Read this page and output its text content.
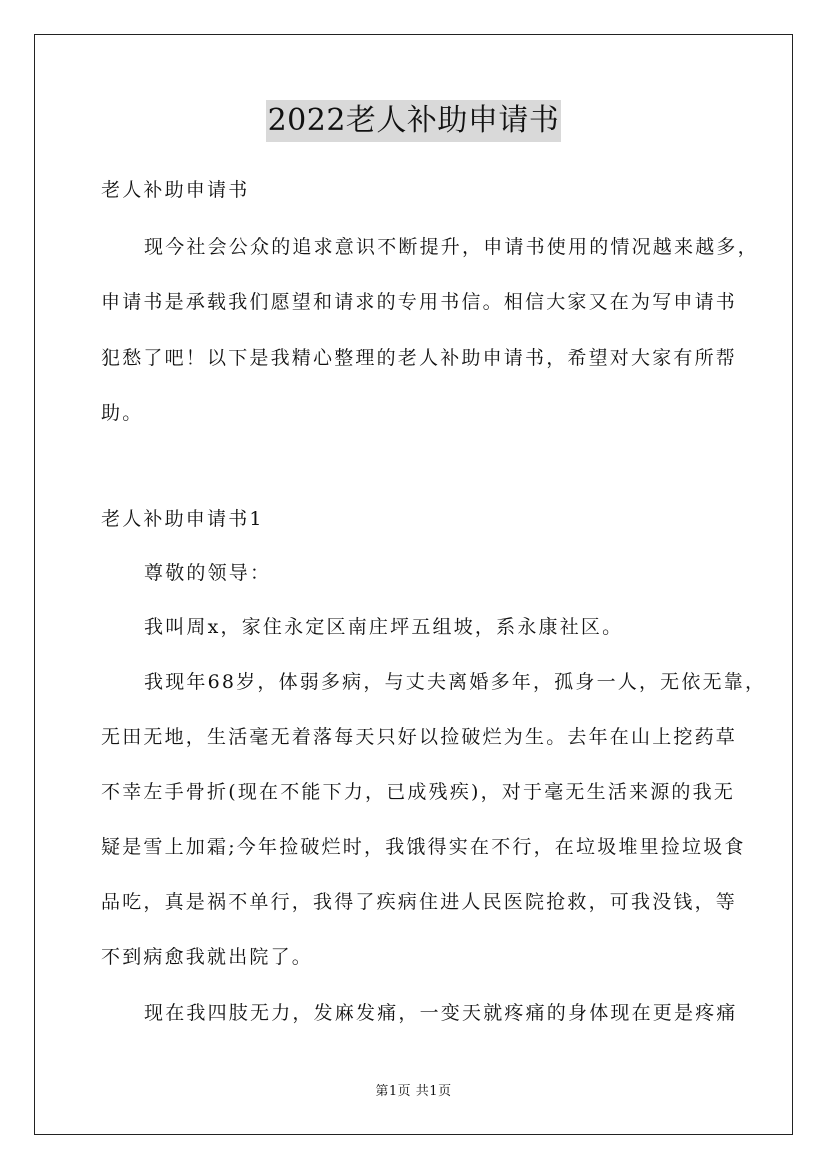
2022老人补助申请书
老人补助申请书
现今社会公众的追求意识不断提升，申请书使用的情况越来越多，
申请书是承载我们愿望和请求的专用书信。相信大家又在为写申请书
犯愁了吧！以下是我精心整理的老人补助申请书，希望对大家有所帮
助。
老人补助申请书1
尊敬的领导：
我叫周x，家住永定区南庄坪五组坡，系永康社区。
我现年68岁，体弱多病，与丈夫离婚多年，孤身一人，无依无靠，
无田无地，生活毫无着落每天只好以捡破烂为生。去年在山上挖药草
不幸左手骨折(现在不能下力，已成残疾)，对于毫无生活来源的我无
疑是雪上加霜;今年捡破烂时，我饿得实在不行，在垃圾堆里捡垃圾食
品吃，真是祸不单行，我得了疾病住进人民医院抢救，可我没钱，等
不到病愈我就出院了。
现在我四肢无力，发麻发痛，一变天就疼痛的身体现在更是疼痛
第1页 共1页
